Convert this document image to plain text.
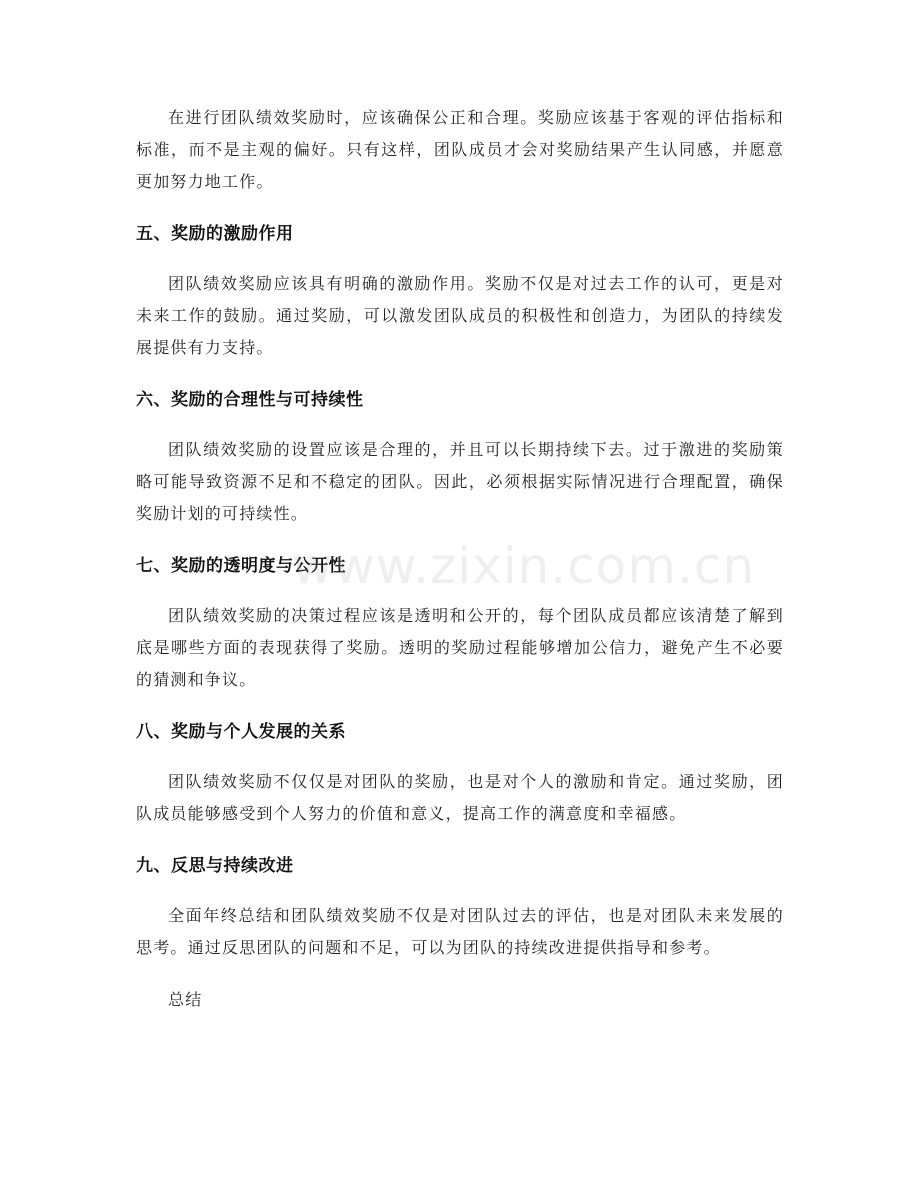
在进行团队绩效奖励时，应该确保公正和合理。奖励应该基于客观的评估指标和标准，而不是主观的偏好。只有这样，团队成员才会对奖励结果产生认同感，并愿意更加努力地工作。

五、奖励的激励作用

团队绩效奖励应该具有明确的激励作用。奖励不仅是对过去工作的认可，更是对未来工作的鼓励。通过奖励，可以激发团队成员的积极性和创造力，为团队的持续发展提供有力支持。

六、奖励的合理性与可持续性

团队绩效奖励的设置应该是合理的，并且可以长期持续下去。过于激进的奖励策略可能导致资源不足和不稳定的团队。因此，必须根据实际情况进行合理配置，确保奖励计划的可持续性。

七、奖励的透明度与公开性

团队绩效奖励的决策过程应该是透明和公开的，每个团队成员都应该清楚了解到底是哪些方面的表现获得了奖励。透明的奖励过程能够增加公信力，避免产生不必要的猜测和争议。

八、奖励与个人发展的关系

团队绩效奖励不仅仅是对团队的奖励，也是对个人的激励和肯定。通过奖励，团队成员能够感受到个人努力的价值和意义，提高工作的满意度和幸福感。

九、反思与持续改进

全面年终总结和团队绩效奖励不仅是对团队过去的评估，也是对团队未来发展的思考。通过反思团队的问题和不足，可以为团队的持续改进提供指导和参考。

总结

www.zixin.com.cn
